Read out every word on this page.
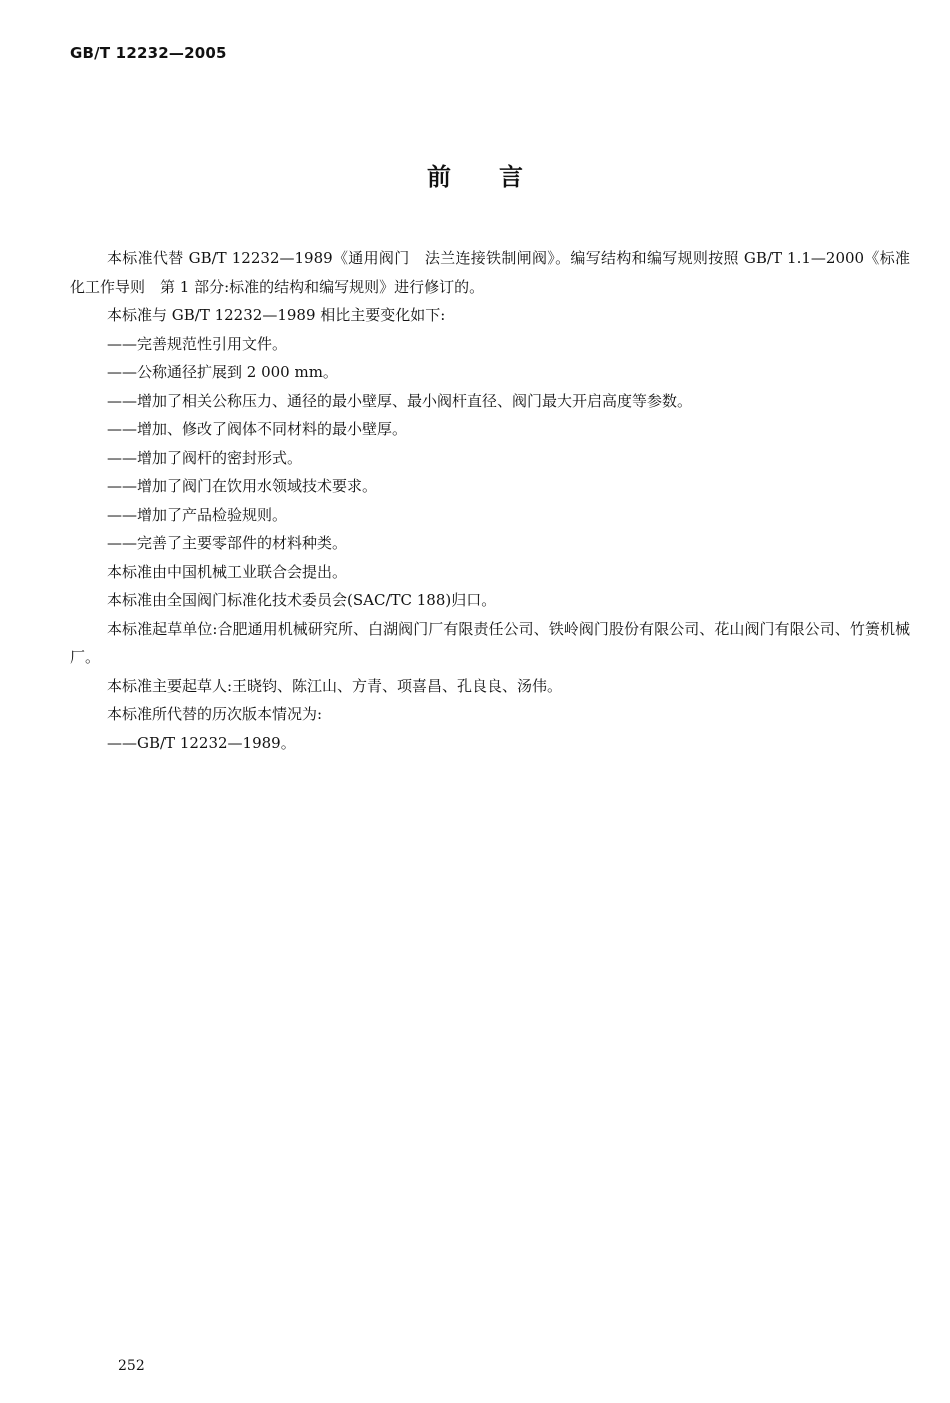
GB/T 12232—2005
前言

本标准代替 GB/T 12232—1989《通用阀门　法兰连接铁制闸阀》。编写结构和编写规则按照 GB/T 1.1—2000《标准化工作导则　第 1 部分:标准的结构和编写规则》进行修订的。

本标准与 GB/T 12232—1989 相比主要变化如下:

——完善规范性引用文件。

——公称通径扩展到 2 000 mm。

——增加了相关公称压力、通径的最小壁厚、最小阀杆直径、阀门最大开启高度等参数。

——增加、修改了阀体不同材料的最小壁厚。

——增加了阀杆的密封形式。

——增加了阀门在饮用水领域技术要求。

——增加了产品检验规则。

——完善了主要零部件的材料种类。

本标准由中国机械工业联合会提出。

本标准由全国阀门标准化技术委员会(SAC/TC 188)归口。

本标准起草单位:合肥通用机械研究所、白湖阀门厂有限责任公司、铁岭阀门股份有限公司、花山阀门有限公司、竹箦机械厂。

本标准主要起草人:王晓钧、陈江山、方青、项喜昌、孔良良、汤伟。

本标准所代替的历次版本情况为:

——GB/T 12232—1989。

252
